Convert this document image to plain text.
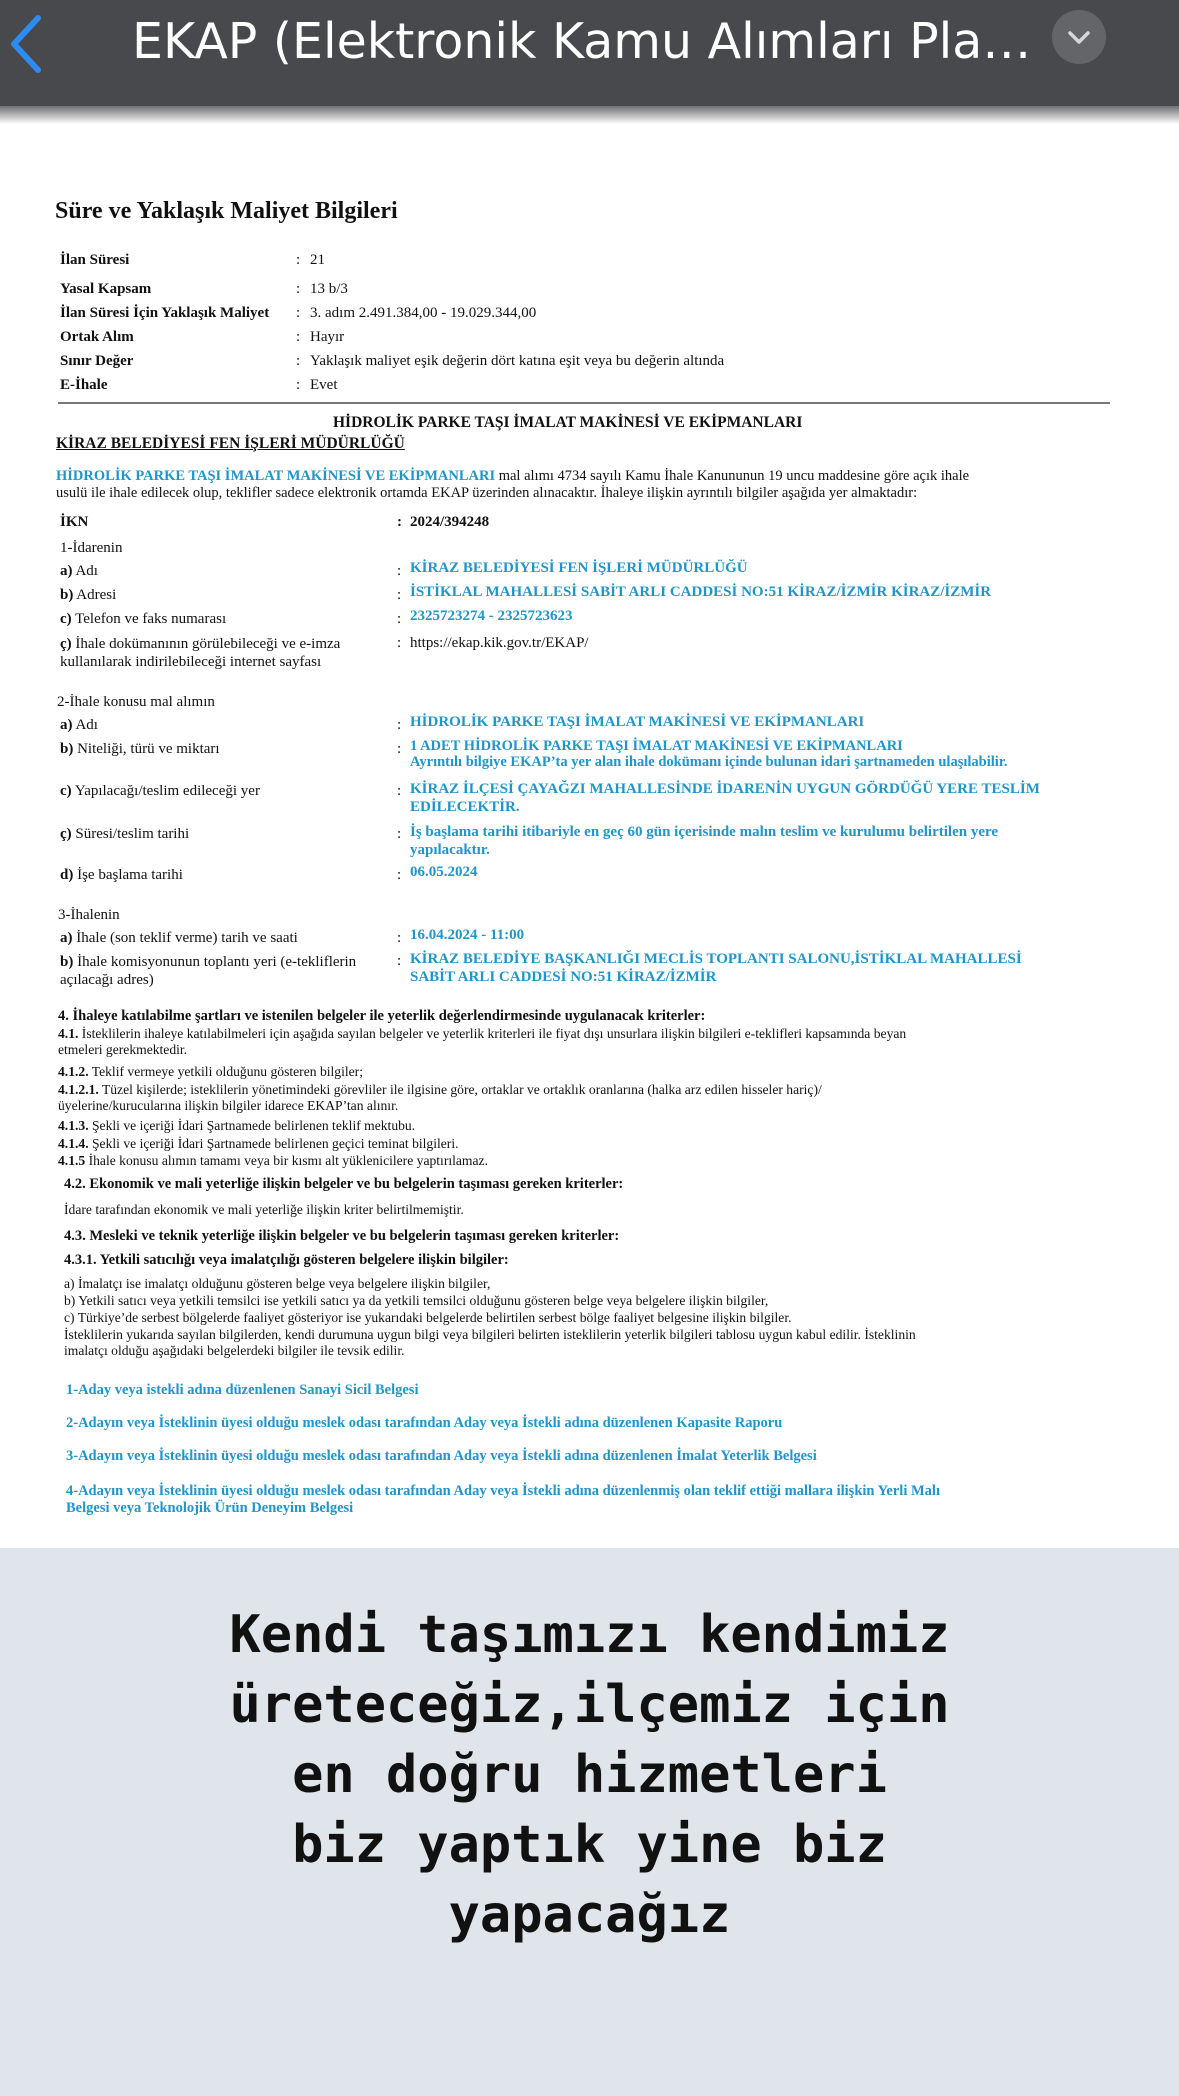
EKAP (Elektronik Kamu Alımları Pla…
Süre ve Yaklaşık Maliyet Bilgileri
İlan Süresi	: 21
Yasal Kapsam	: 13 b/3
İlan Süresi İçin Yaklaşık Maliyet : 3. adım 2.491.384,00 - 19.029.344,00
Ortak Alım	: Hayır
Sınır Değer	: Yaklaşık maliyet eşik değerin dört katına eşit veya bu değerin altında
E-İhale	: Evet
HİDROLİK PARKE TAŞI İMALAT MAKİNESİ VE EKİPMANLARI
KİRAZ BELEDİYESİ FEN İŞLERİ MÜDÜRLÜĞÜ
HİDROLİK PARKE TAŞI İMALAT MAKİNESİ VE EKİPMANLARI mal alımı 4734 sayılı Kamu İhale Kanununun 19 uncu maddesine göre açık ihale
usulü ile ihale edilecek olup, teklifler sadece elektronik ortamda EKAP üzerinden alınacaktır. İhaleye ilişkin ayrıntılı bilgiler aşağıda yer almaktadır:
İKN	: 2024/394248
1-İdarenin
a) Adı	: KİRAZ BELEDİYESİ FEN İŞLERİ MÜDÜRLÜĞÜ
b) Adresi	: İSTİKLAL MAHALLESİ SABİT ARLI CADDESİ NO:51 KİRAZ/İZMİR KİRAZ/İZMİR
c) Telefon ve faks numarası	: 2325723274 - 2325723623
ç) İhale dokümanının görülebileceği ve e-imza
kullanılarak indirilebileceği internet sayfası
: https://ekap.kik.gov.tr/EKAP/
2-İhale konusu mal alımın
a) Adı	: HİDROLİK PARKE TAŞI İMALAT MAKİNESİ VE EKİPMANLARI
b) Niteliği, türü ve miktarı	: 1 ADET HİDROLİK PARKE TAŞI İMALAT MAKİNESİ VE EKİPMANLARI
Ayrıntılı bilgiye EKAP’ta yer alan ihale dokümanı içinde bulunan idari şartnameden ulaşılabilir.
c) Yapılacağı/teslim edileceği yer	: KİRAZ İLÇESİ ÇAYAĞZI MAHALLESİNDE İDARENİN UYGUN GÖRDÜĞÜ YERE TESLİM
EDİLECEKTİR.
ç) Süresi/teslim tarihi	: İş başlama tarihi itibariyle en geç 60 gün içerisinde malın teslim ve kurulumu belirtilen yere
yapılacaktır.
d) İşe başlama tarihi	: 06.05.2024
3-İhalenin
a) İhale (son teklif verme) tarih ve saati	: 16.04.2024 - 11:00
b) İhale komisyonunun toplantı yeri (e-tekliflerin
açılacağı adres)
: KİRAZ BELEDİYE BAŞKANLIĞI MECLİS TOPLANTI SALONU,İSTİKLAL MAHALLESİ
SABİT ARLI CADDESİ NO:51 KİRAZ/İZMİR
4. İhaleye katılabilme şartları ve istenilen belgeler ile yeterlik değerlendirmesinde uygulanacak kriterler:
4.1. İsteklilerin ihaleye katılabilmeleri için aşağıda sayılan belgeler ve yeterlik kriterleri ile fiyat dışı unsurlara ilişkin bilgileri e-teklifleri kapsamında beyan
etmeleri gerekmektedir.
4.1.2. Teklif vermeye yetkili olduğunu gösteren bilgiler;
4.1.2.1. Tüzel kişilerde; isteklilerin yönetimindeki görevliler ile ilgisine göre, ortaklar ve ortaklık oranlarına (halka arz edilen hisseler hariç)/
üyelerine/kurucularına ilişkin bilgiler idarece EKAP’tan alınır.
4.1.3. Şekli ve içeriği İdari Şartnamede belirlenen teklif mektubu.
4.1.4. Şekli ve içeriği İdari Şartnamede belirlenen geçici teminat bilgileri.
4.1.5 İhale konusu alımın tamamı veya bir kısmı alt yüklenicilere yaptırılamaz.
4.2. Ekonomik ve mali yeterliğe ilişkin belgeler ve bu belgelerin taşıması gereken kriterler:
İdare tarafından ekonomik ve mali yeterliğe ilişkin kriter belirtilmemiştir.
4.3. Mesleki ve teknik yeterliğe ilişkin belgeler ve bu belgelerin taşıması gereken kriterler:
4.3.1. Yetkili satıcılığı veya imalatçılığı gösteren belgelere ilişkin bilgiler:
a) İmalatçı ise imalatçı olduğunu gösteren belge veya belgelere ilişkin bilgiler,
b) Yetkili satıcı veya yetkili temsilci ise yetkili satıcı ya da yetkili temsilci olduğunu gösteren belge veya belgelere ilişkin bilgiler,
c) Türkiye’de serbest bölgelerde faaliyet gösteriyor ise yukarıdaki belgelerde belirtilen serbest bölge faaliyet belgesine ilişkin bilgiler.
İsteklilerin yukarıda sayılan bilgilerden, kendi durumuna uygun bilgi veya bilgileri belirten isteklilerin yeterlik bilgileri tablosu uygun kabul edilir. İsteklinin
imalatçı olduğu aşağıdaki belgelerdeki bilgiler ile tevsik edilir.
1-Aday veya istekli adına düzenlenen Sanayi Sicil Belgesi
2-Adayın veya İsteklinin üyesi olduğu meslek odası tarafından Aday veya İstekli adına düzenlenen Kapasite Raporu
3-Adayın veya İsteklinin üyesi olduğu meslek odası tarafından Aday veya İstekli adına düzenlenen İmalat Yeterlik Belgesi
4-Adayın veya İsteklinin üyesi olduğu meslek odası tarafından Aday veya İstekli adına düzenlenmiş olan teklif ettiği mallara ilişkin Yerli Malı
Belgesi veya Teknolojik Ürün Deneyim Belgesi
Kendi taşımızı kendimiz
üreteceğiz,ilçemiz için
en doğru hizmetleri
biz yaptık yine biz
yapacağız
